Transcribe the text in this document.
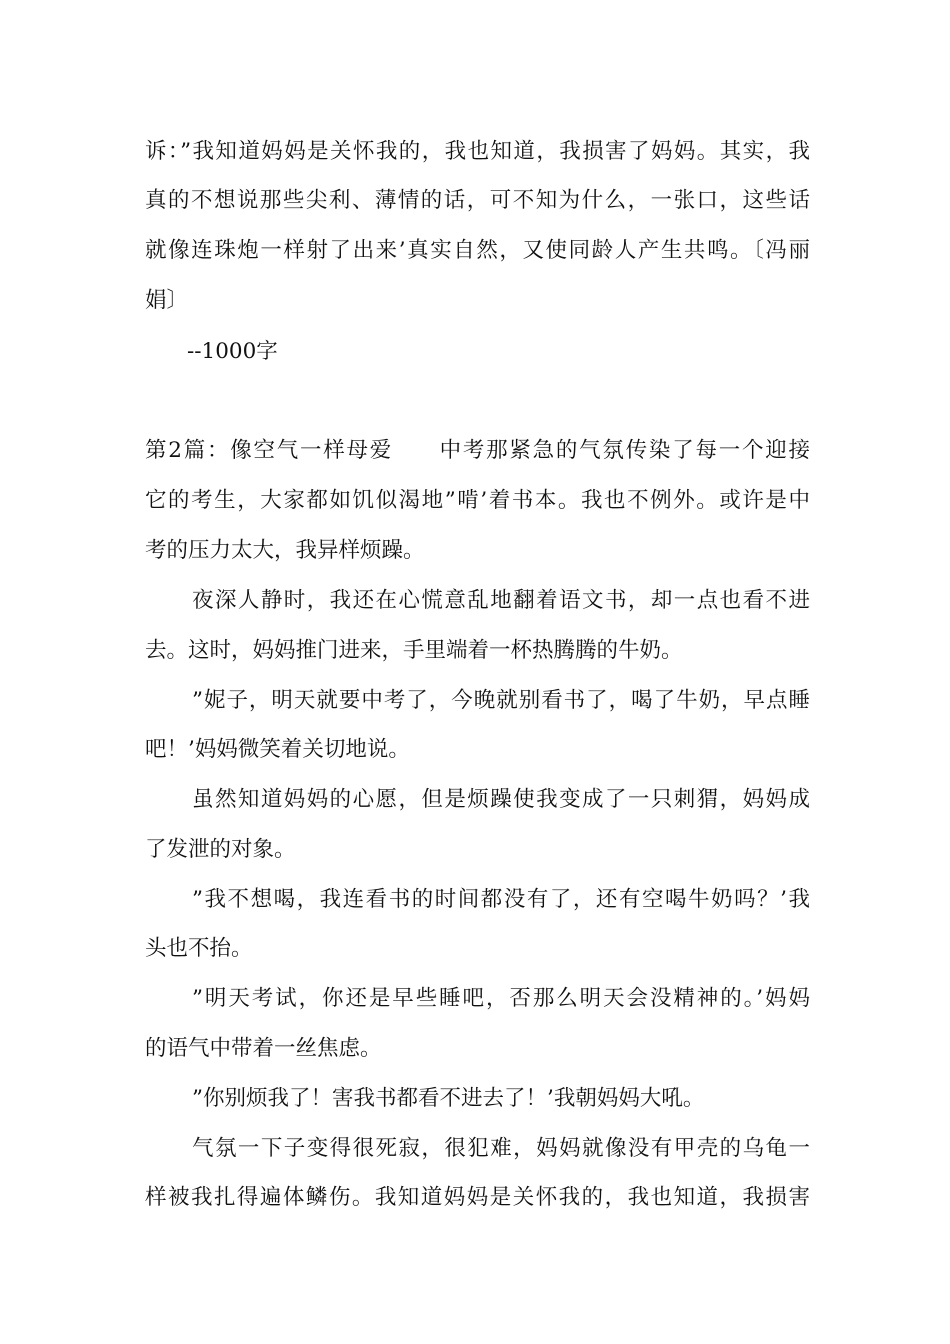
诉：”我知道妈妈是关怀我的，我也知道，我损害了妈妈。其实，我
真的不想说那些尖利、薄情的话，可不知为什么，一张口，这些话
就像连珠炮一样射了出来’真实自然，又使同龄人产生共鸣。〔冯丽
娟〕
--1000字
第2篇：像空气一样母爱　　中考那紧急的气氛传染了每一个迎接
它的考生，大家都如饥似渴地”啃’着书本。我也不例外。或许是中
考的压力太大，我异样烦躁。
夜深人静时，我还在心慌意乱地翻着语文书，却一点也看不进
去。这时，妈妈推门进来，手里端着一杯热腾腾的牛奶。
”妮子，明天就要中考了，今晚就别看书了，喝了牛奶，早点睡
吧！’妈妈微笑着关切地说。
虽然知道妈妈的心愿，但是烦躁使我变成了一只刺猬，妈妈成
了发泄的对象。
”我不想喝，我连看书的时间都没有了，还有空喝牛奶吗？’我
头也不抬。
”明天考试，你还是早些睡吧，否那么明天会没精神的。’妈妈
的语气中带着一丝焦虑。
”你别烦我了！害我书都看不进去了！’我朝妈妈大吼。
气氛一下子变得很死寂，很犯难，妈妈就像没有甲壳的乌龟一
样被我扎得遍体鳞伤。我知道妈妈是关怀我的，我也知道，我损害
